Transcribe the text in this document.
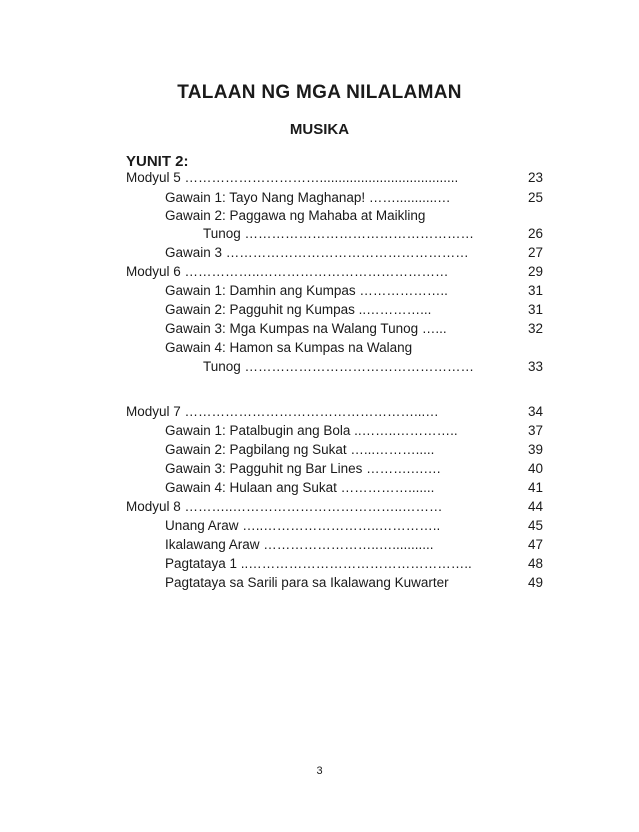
TALAAN NG MGA NILALAMAN
MUSIKA
YUNIT 2:
Modyul 5 ………………………….....................................	23
Gawain 1: Tayo Nang Maghanap! ……...........…	25
Gawain 2: Paggawa ng Mahaba at Maikling
Tunog ……………………………………………	26
Gawain 3 ………………………………………………	27
Modyul 6 ……………..……………………………………	29
Gawain 1: Damhin ang Kumpas ………………..	31
Gawain 2: Pagguhit ng Kumpas ..…………...	31
Gawain 3: Mga Kumpas na Walang Tunog …...	32
Gawain 4: Hamon sa Kumpas na Walang
Tunog ……………………………………………	33
Modyul 7 ……………………………………………...…	34
Gawain 1: Patalbugin ang Bola ..……..…………..	37
Gawain 2: Pagbilang ng Sukat …...……….....	39
Gawain 3: Pagguhit ng Bar Lines ……….….…	40
Gawain 4: Hulaan ang Sukat …………….......	41
Modyul 8 ………..………………………………..………	44
Unang Araw …..……………………..…………..	45
Ikalawang Araw ……………………..…...........	47
Pagtataya 1 ..…………………………………………..	48
Pagtataya sa Sarili para sa Ikalawang Kuwarter	49
3
